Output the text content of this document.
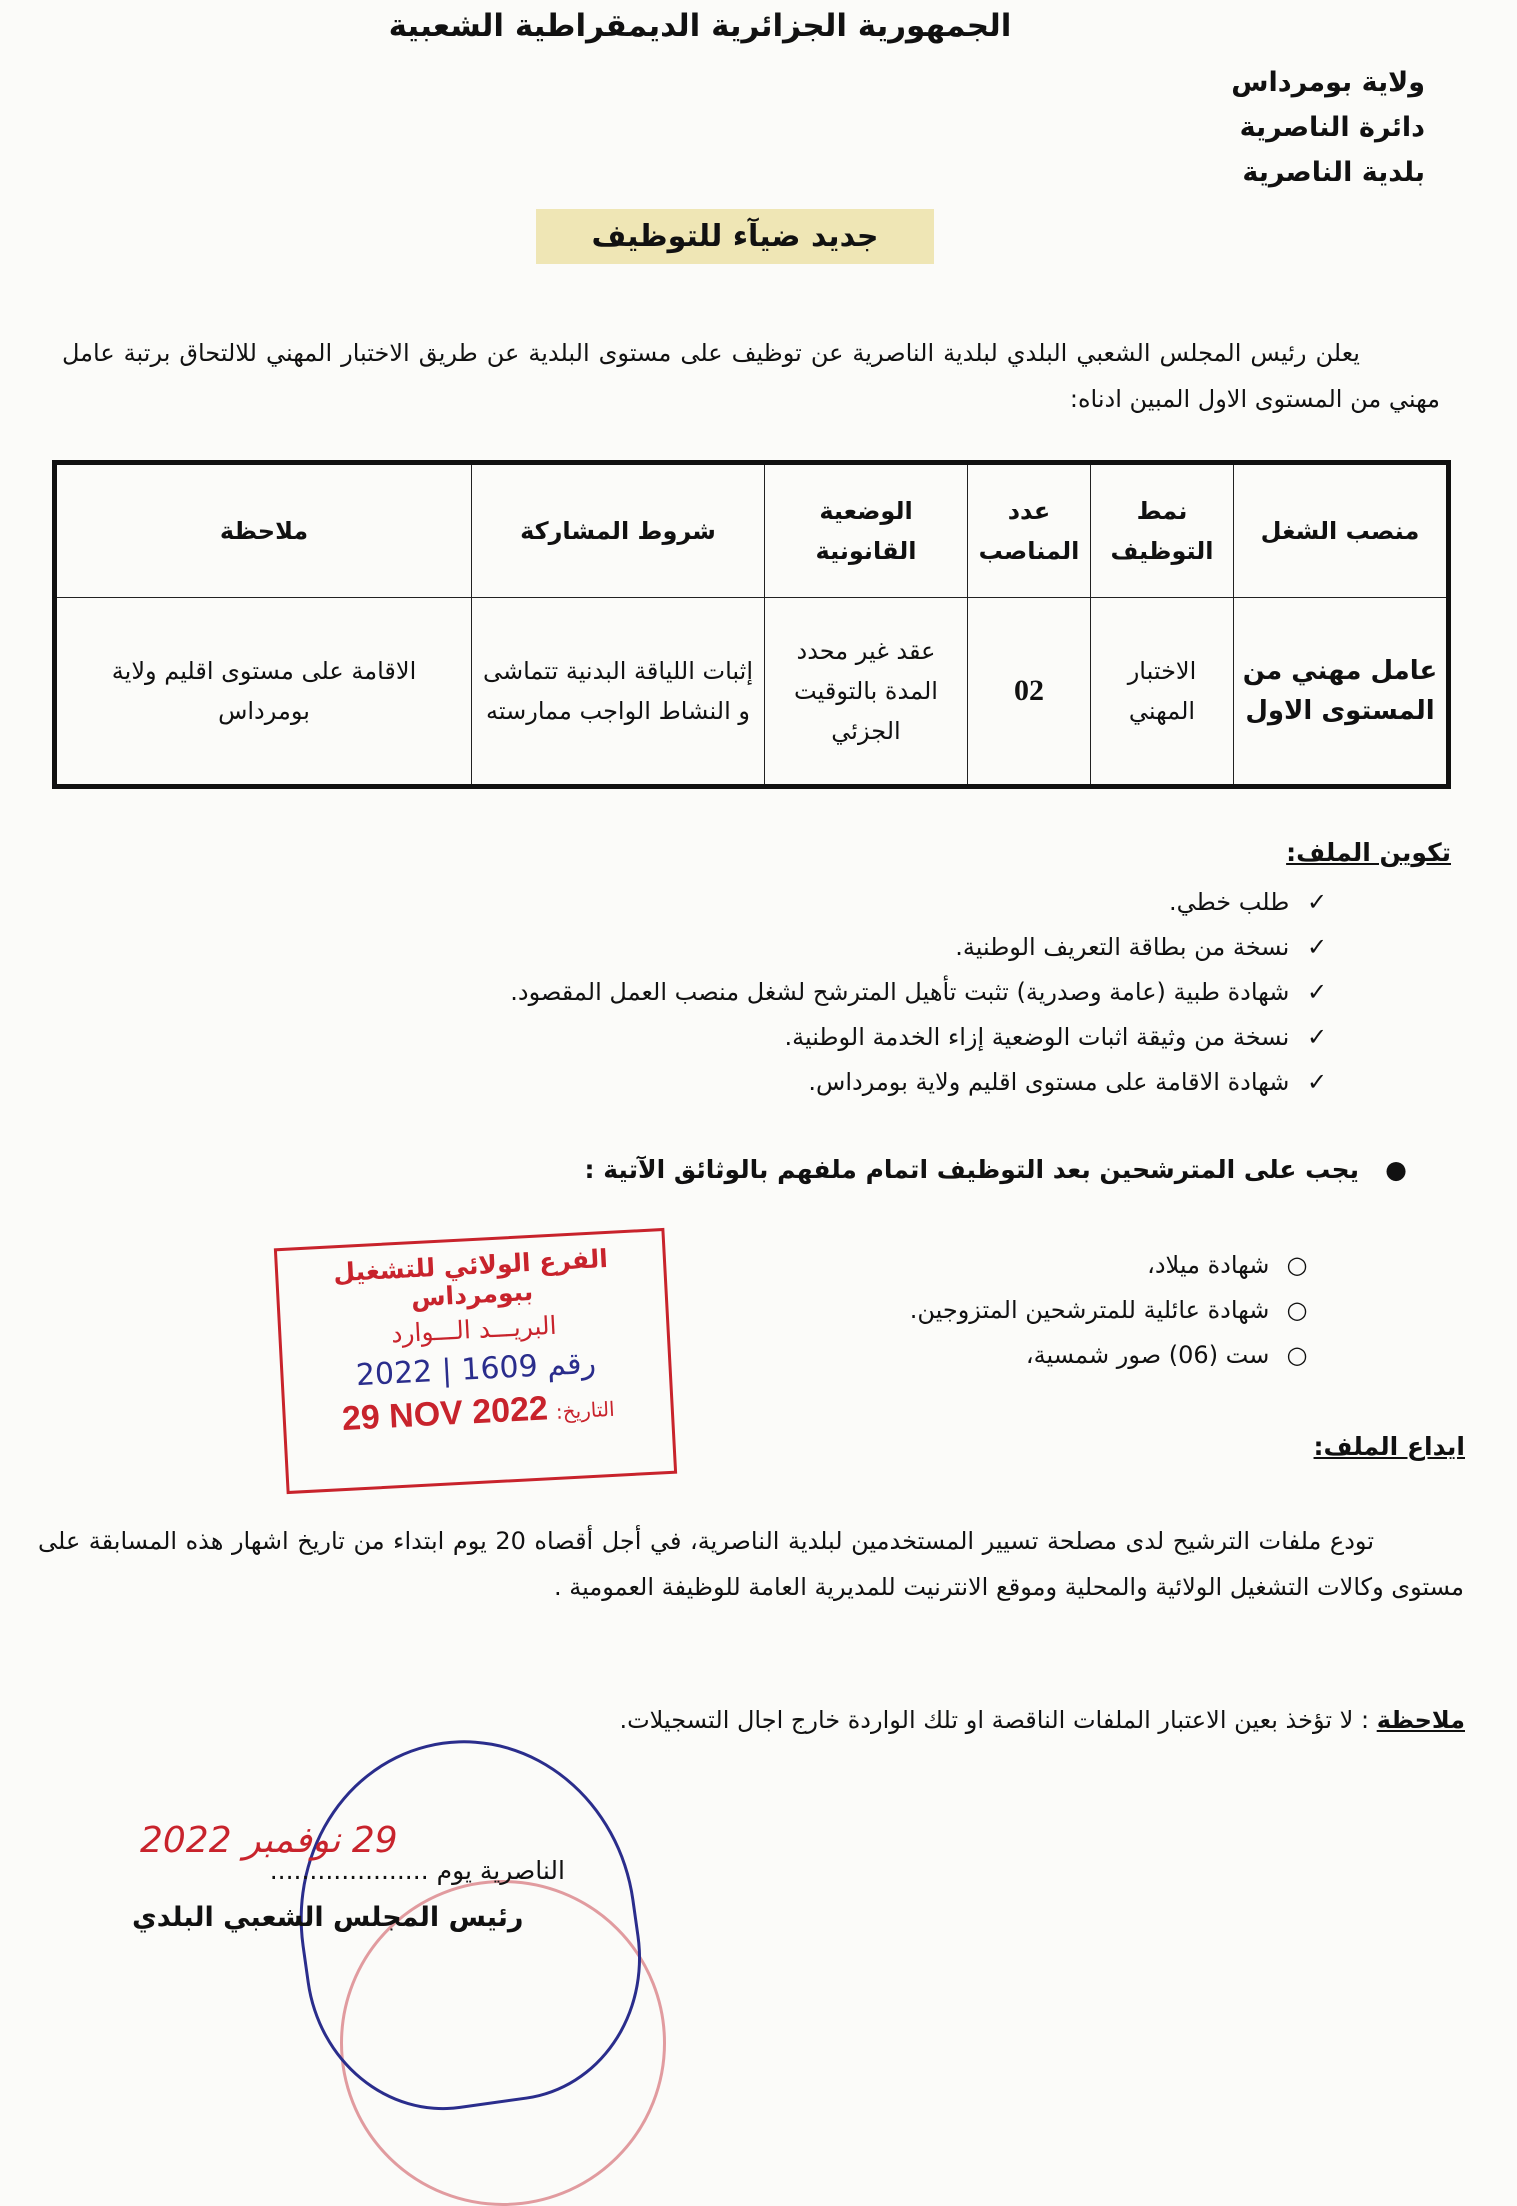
الجمهورية الجزائرية الديمقراطية الشعبية
ولاية بومرداس
دائرة الناصرية
بلدية الناصرية
جديد ضيآء للتوظيف
يعلن رئيس المجلس الشعبي البلدي لبلدية الناصرية عن توظيف على مستوى البلدية عن طريق الاختبار المهني للالتحاق برتبة عامل مهني من المستوى الاول المبين ادناه:
منصب الشغل	نمط التوظيف	عدد المناصب	الوضعية القانونية	شروط المشاركة	ملاحظة
عامل مهني من المستوى الاول	الاختبار المهني	02	عقد غير محدد المدة بالتوقيت الجزئي	إثبات اللياقة البدنية تتماشى و النشاط الواجب ممارسته	الاقامة على مستوى اقليم ولاية بومرداس
تكوين الملف:
✓ طلب خطي.
✓ نسخة من بطاقة التعريف الوطنية.
✓ شهادة طبية (عامة وصدرية) تثبت تأهيل المترشح لشغل منصب العمل المقصود.
✓ نسخة من وثيقة اثبات الوضعية إزاء الخدمة الوطنية.
✓ شهادة الاقامة على مستوى اقليم ولاية بومرداس.
●   يجب على المترشحين بعد التوظيف اتمام ملفهم بالوثائق الآتية :
○ شهادة ميلاد،
○ شهادة عائلية للمترشحين المتزوجين.
○ ست (06) صور شمسية،
الفرع الولائي للتشغيل ببومرداس
البريـــد الـــوارد
رقم 1609 | 2022
التاريخ: 29 NOV 2022
ايداع الملف:
تودع ملفات الترشيح لدى مصلحة تسيير المستخدمين لبلدية الناصرية، في أجل أقصاه 20 يوم ابتداء من تاريخ اشهار هذه المسابقة على مستوى وكالات التشغيل الولائية والمحلية وموقع الانترنيت للمديرية العامة للوظيفة العمومية .
ملاحظة : لا تؤخذ بعين الاعتبار الملفات الناقصة او تلك الواردة خارج اجال التسجيلات.
29 نوفمبر 2022
الناصرية يوم ....................
رئيس المجلس الشعبي البلدي
